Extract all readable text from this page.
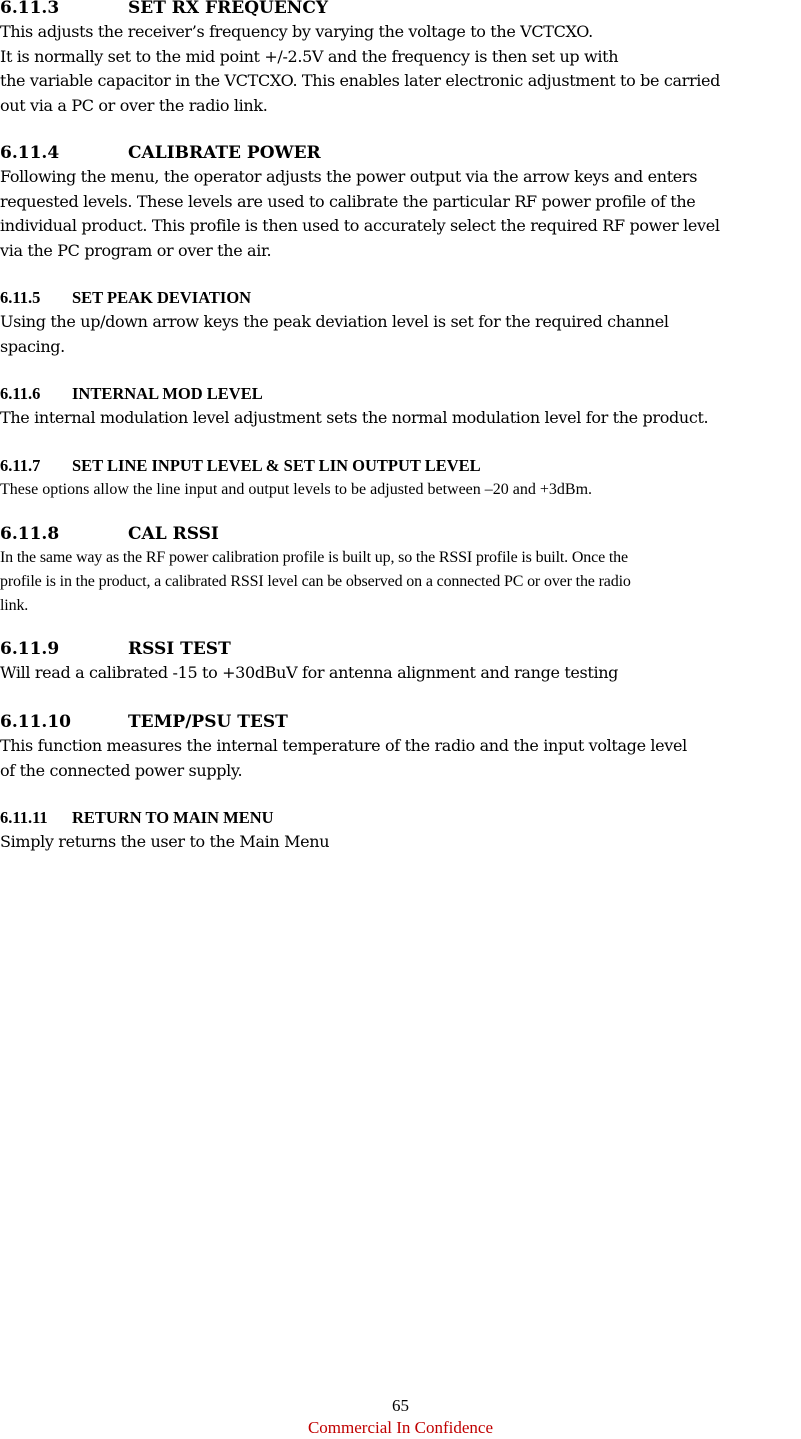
6.11.3	SET RX FREQUENCY

This adjusts the receiver’s frequency by varying the voltage to the VCTCXO.
It is normally set to the mid point +/-2.5V and the frequency is then set up with
the variable capacitor in the VCTCXO. This enables later electronic adjustment to be carried
out via a PC or over the radio link.

6.11.4	CALIBRATE POWER

Following the menu, the operator adjusts the power output via the arrow keys and enters
requested levels. These levels are used to calibrate the particular RF power profile of the
individual product. This profile is then used to accurately select the required RF power level
via the PC program or over the air.

6.11.5	SET PEAK DEVIATION

Using the up/down arrow keys the peak deviation level is set for the required channel
spacing.

6.11.6	INTERNAL MOD LEVEL

The internal modulation level adjustment sets the normal modulation level for the product.

6.11.7	SET LINE INPUT LEVEL & SET LIN OUTPUT LEVEL

These options allow the line input and output levels to be adjusted between –20 and +3dBm.

6.11.8	CAL RSSI

In the same way as the RF power calibration profile is built up, so the RSSI profile is built. Once the
profile is in the product, a calibrated RSSI level can be observed on a connected PC or over the radio
link.

6.11.9	RSSI TEST

Will read a calibrated -15 to +30dBuV for antenna alignment and range testing

6.11.10	TEMP/PSU TEST

This function measures the internal temperature of the radio and the input voltage level
of the connected power supply.

6.11.11	RETURN TO MAIN MENU

Simply returns the user to the Main Menu

65
Commercial In Confidence
